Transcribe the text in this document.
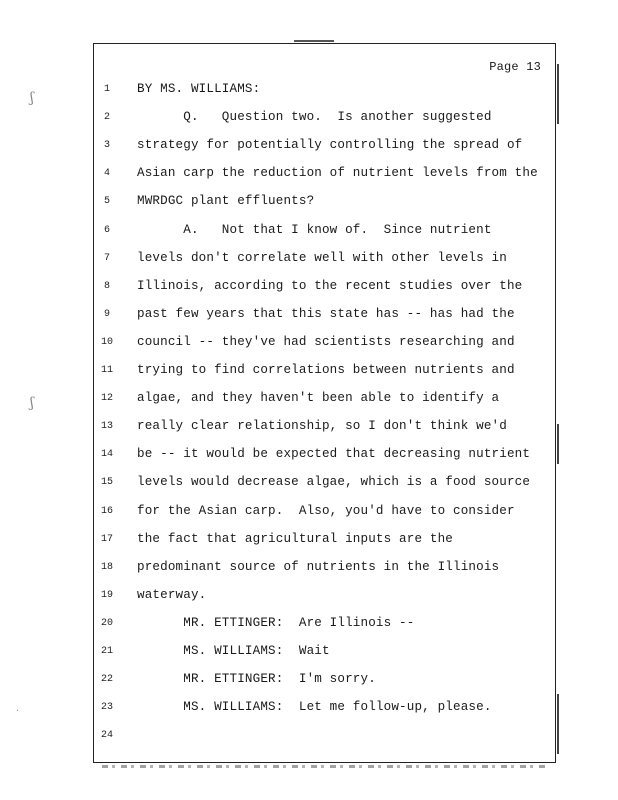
Page 13
1	BY MS. WILLIAMS:
2	Q.   Question two.  Is another suggested
3	strategy for potentially controlling the spread of
4	Asian carp the reduction of nutrient levels from the
5	MWRDGC plant effluents?
6	A.   Not that I know of.  Since nutrient
7	levels don't correlate well with other levels in
8	Illinois, according to the recent studies over the
9	past few years that this state has -- has had the
10	council -- they've had scientists researching and
11	trying to find correlations between nutrients and
12	algae, and they haven't been able to identify a
13	really clear relationship, so I don't think we'd
14	be -- it would be expected that decreasing nutrient
15	levels would decrease algae, which is a food source
16	for the Asian carp.  Also, you'd have to consider
17	the fact that agricultural inputs are the
18	predominant source of nutrients in the Illinois
19	waterway.
20	MR. ETTINGER:  Are Illinois --
21	MS. WILLIAMS:  Wait
22	MR. ETTINGER:  I'm sorry.
23	MS. WILLIAMS:  Let me follow-up, please.
24
ʃ
ʃ
·
